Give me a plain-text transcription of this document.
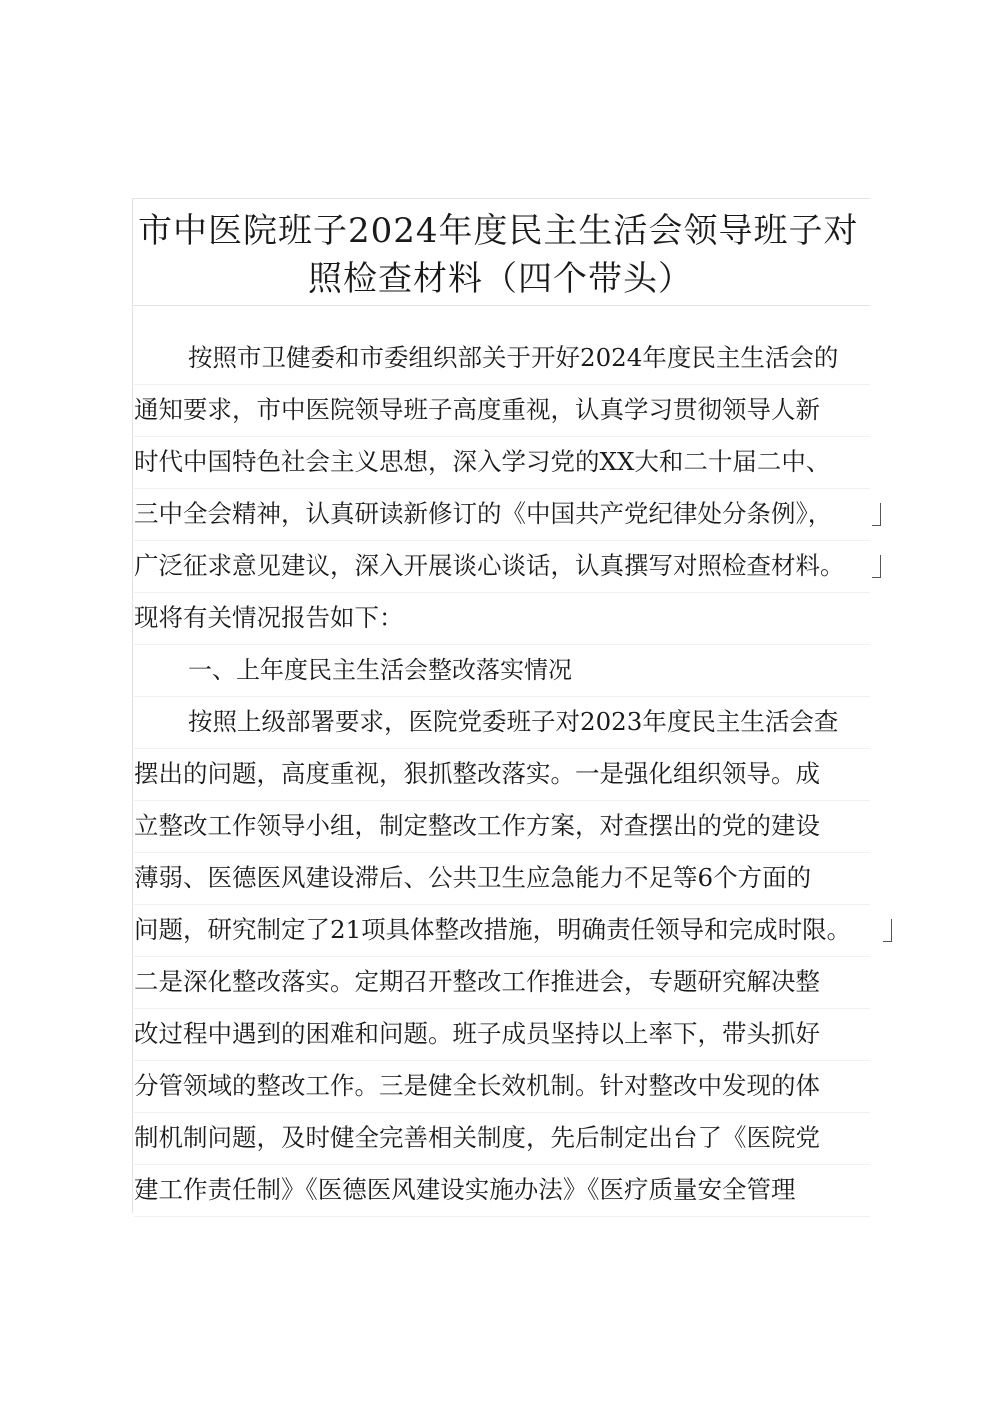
市中医院班子2024年度民主生活会领导班子对
照检查材料（四个带头）
按照市卫健委和市委组织部关于开好2024年度民主生活会的
通知要求，市中医院领导班子高度重视，认真学习贯彻领导人新
时代中国特色社会主义思想，深入学习党的XX大和二十届二中、
三中全会精神，认真研读新修订的《中国共产党纪律处分条例》，
广泛征求意见建议，深入开展谈心谈话，认真撰写对照检查材料。
现将有关情况报告如下：
一、上年度民主生活会整改落实情况
按照上级部署要求，医院党委班子对2023年度民主生活会查
摆出的问题，高度重视，狠抓整改落实。一是强化组织领导。成
立整改工作领导小组，制定整改工作方案，对查摆出的党的建设
薄弱、医德医风建设滞后、公共卫生应急能力不足等6个方面的
问题，研究制定了21项具体整改措施，明确责任领导和完成时限。
二是深化整改落实。定期召开整改工作推进会，专题研究解决整
改过程中遇到的困难和问题。班子成员坚持以上率下，带头抓好
分管领域的整改工作。三是健全长效机制。针对整改中发现的体
制机制问题，及时健全完善相关制度，先后制定出台了《医院党
建工作责任制》《医德医风建设实施办法》《医疗质量安全管理
